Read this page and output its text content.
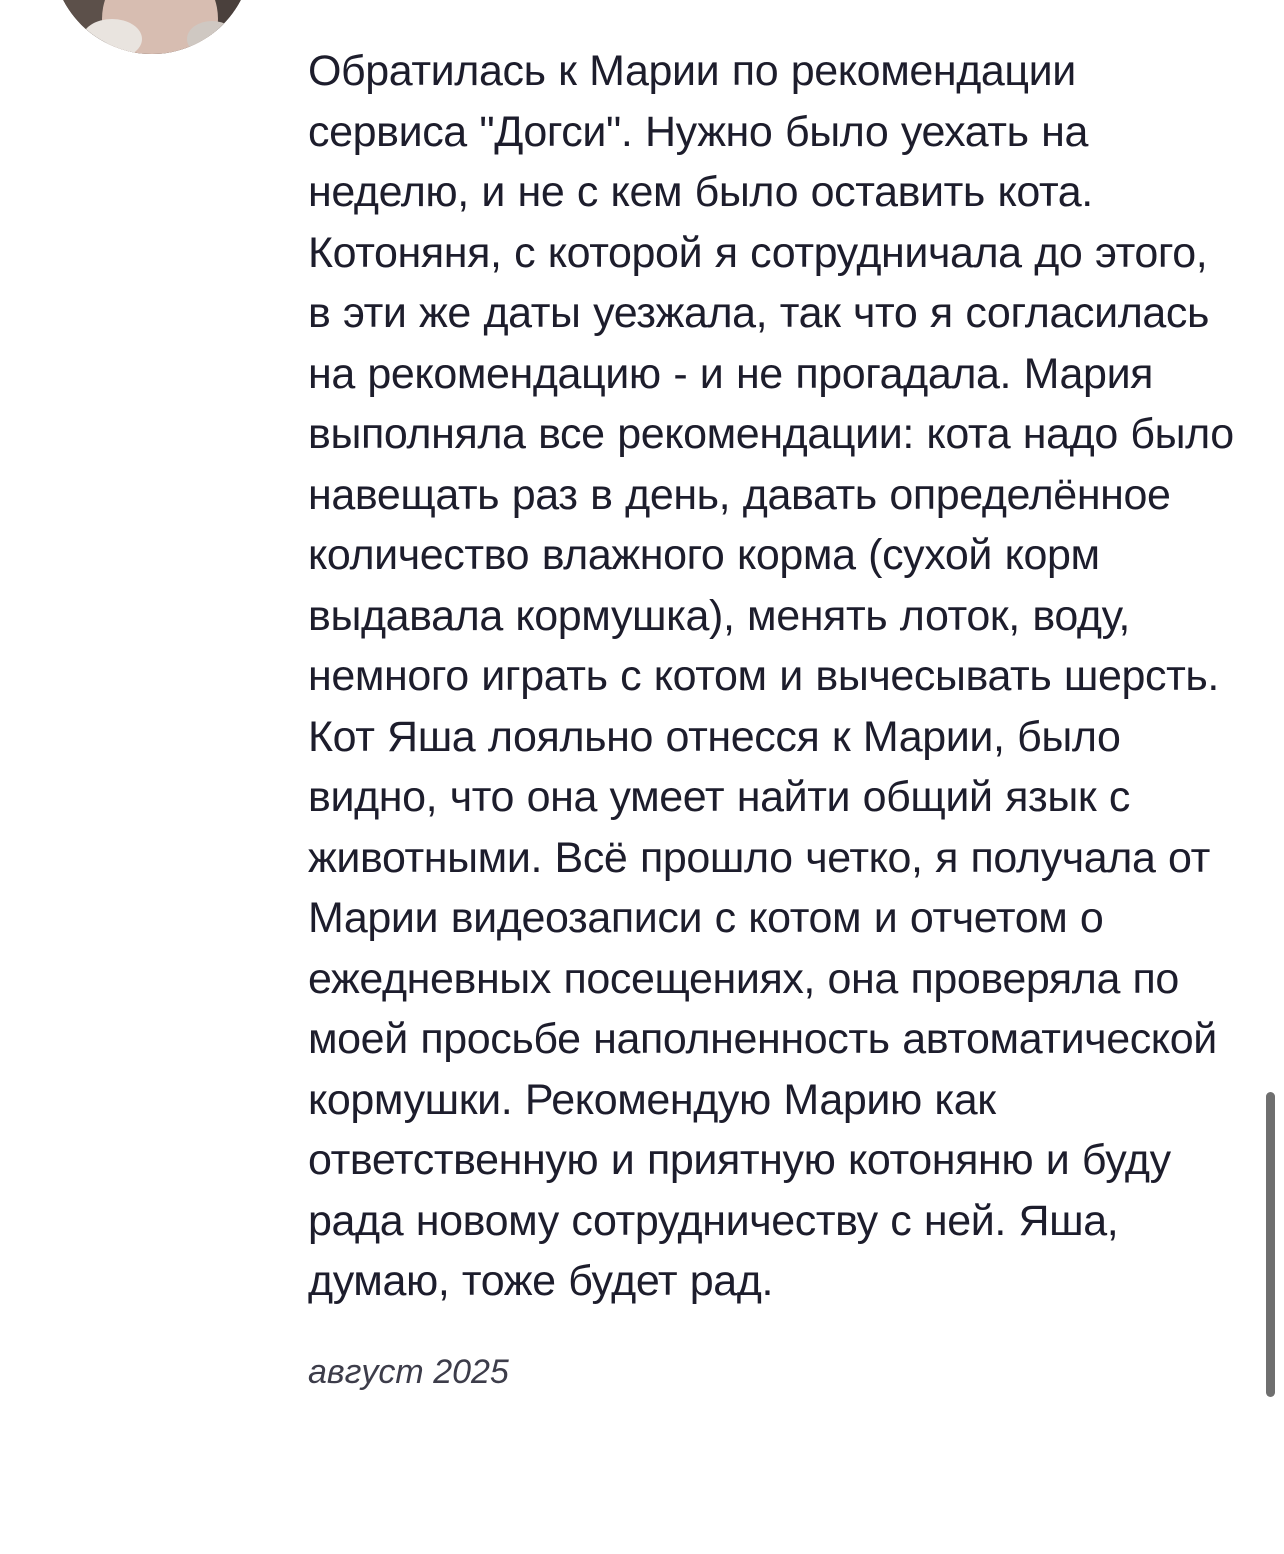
Обратилась к Марии по рекомендации сервиса "Догси". Нужно было уехать на неделю, и не с кем было оставить кота. Котоняня, с которой я сотрудничала до этого, в эти же даты уезжала, так что я согласилась на рекомендацию - и не прогадала. Мария выполняла все рекомендации: кота надо было навещать раз в день, давать определённое количество влажного корма (сухой корм выдавала кормушка), менять лоток, воду, немного играть с котом и вычесывать шерсть. Кот Яша лояльно отнесся к Марии, было видно, что она умеет найти общий язык с животными. Всё прошло четко, я получала от Марии видеозаписи с котом и отчетом о ежедневных посещениях, она проверяла по моей просьбе наполненность автоматической кормушки. Рекомендую Марию как ответственную и приятную котоняню и буду рада новому сотрудничеству с ней. Яша, думаю, тоже будет рад.

август 2025
